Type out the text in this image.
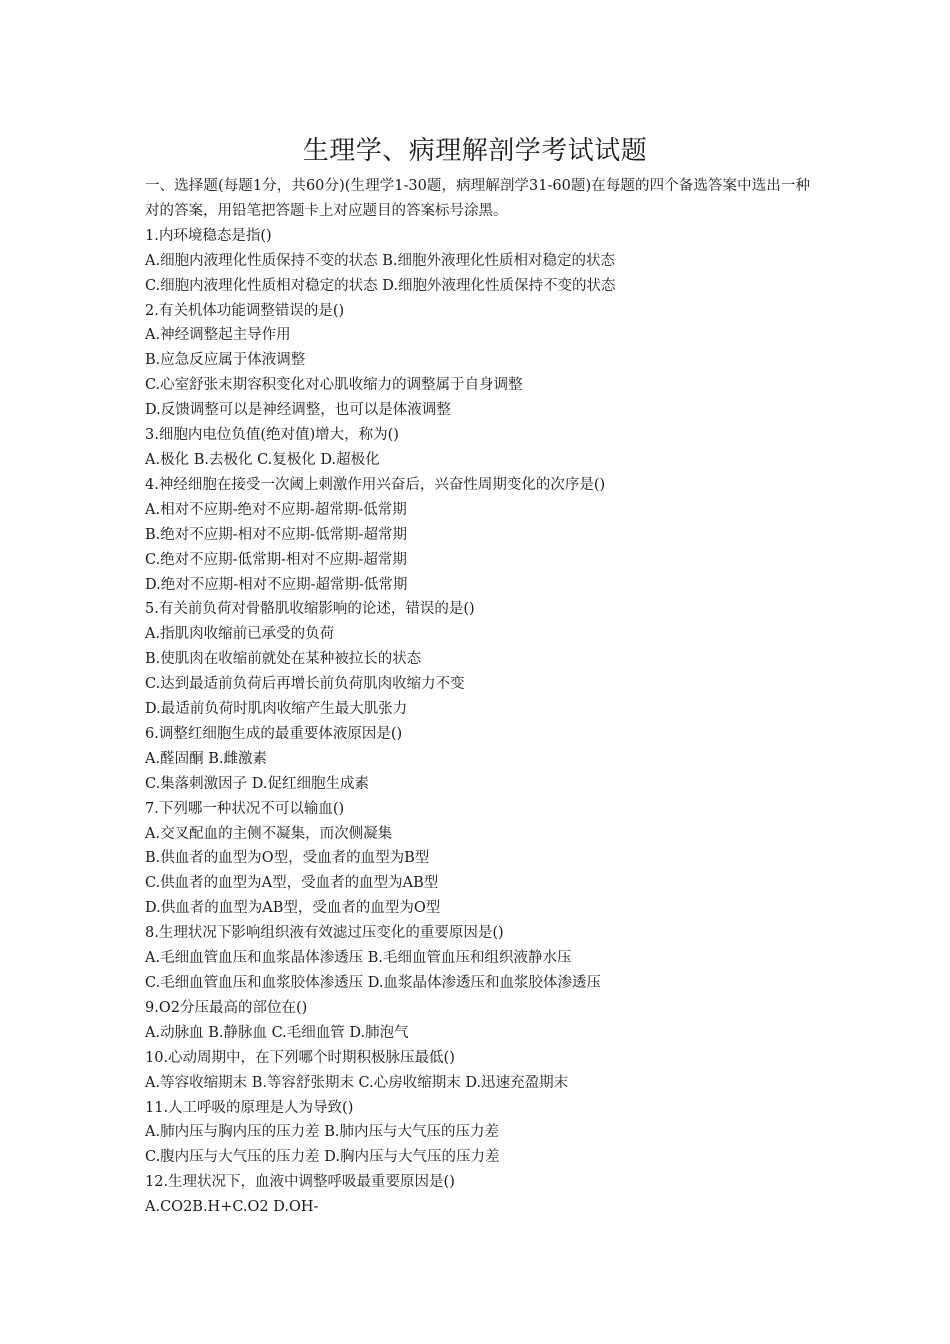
生理学、病理解剖学考试试题

一、选择题(每题1分，共60分)(生理学1-30题，病理解剖学31-60题)在每题的四个备选答案中选出一种对的答案，用铅笔把答题卡上对应题目的答案标号涂黑。

1.内环境稳态是指()

A.细胞内液理化性质保持不变的状态 B.细胞外液理化性质相对稳定的状态

C.细胞内液理化性质相对稳定的状态 D.细胞外液理化性质保持不变的状态

2.有关机体功能调整错误的是()

A.神经调整起主导作用

B.应急反应属于体液调整

C.心室舒张末期容积变化对心肌收缩力的调整属于自身调整

D.反馈调整可以是神经调整，也可以是体液调整

3.细胞内电位负值(绝对值)增大，称为()

A.极化 B.去极化 C.复极化 D.超极化

4.神经细胞在接受一次阈上刺激作用兴奋后，兴奋性周期变化的次序是()

A.相对不应期-绝对不应期-超常期-低常期

B.绝对不应期-相对不应期-低常期-超常期

C.绝对不应期-低常期-相对不应期-超常期

D.绝对不应期-相对不应期-超常期-低常期

5.有关前负荷对骨骼肌收缩影响的论述，错误的是()

A.指肌肉收缩前已承受的负荷

B.使肌肉在收缩前就处在某种被拉长的状态

C.达到最适前负荷后再增长前负荷肌肉收缩力不变

D.最适前负荷时肌肉收缩产生最大肌张力

6.调整红细胞生成的最重要体液原因是()

A.醛固酮 B.雌激素

C.集落刺激因子 D.促红细胞生成素

7.下列哪一种状况不可以输血()

A.交叉配血的主侧不凝集，而次侧凝集

B.供血者的血型为O型，受血者的血型为B型

C.供血者的血型为A型，受血者的血型为AB型

D.供血者的血型为AB型，受血者的血型为O型

8.生理状况下影响组织液有效滤过压变化的重要原因是()

A.毛细血管血压和血浆晶体渗透压 B.毛细血管血压和组织液静水压

C.毛细血管血压和血浆胶体渗透压 D.血浆晶体渗透压和血浆胶体渗透压

9.O2分压最高的部位在()

A.动脉血 B.静脉血 C.毛细血管 D.肺泡气

10.心动周期中，在下列哪个时期积极脉压最低()

A.等容收缩期末 B.等容舒张期末 C.心房收缩期末 D.迅速充盈期末

11.人工呼吸的原理是人为导致()

A.肺内压与胸内压的压力差 B.肺内压与大气压的压力差

C.腹内压与大气压的压力差 D.胸内压与大气压的压力差

12.生理状况下，血液中调整呼吸最重要原因是()

A.CO2B.H+C.O2 D.OH-
